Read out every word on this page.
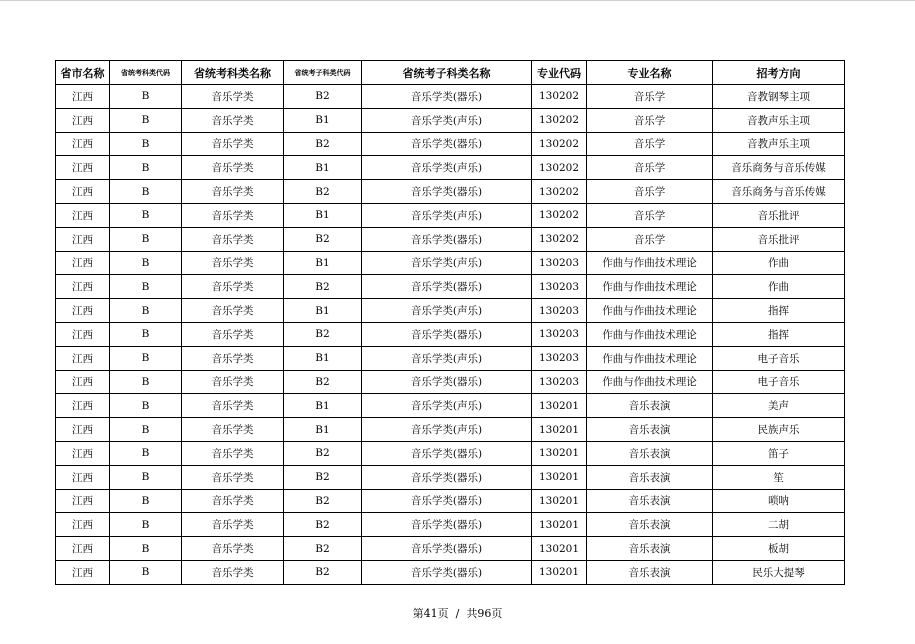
省市名称	省统考科类代码	省统考科类名称	省统考子科类代码	省统考子科类名称	专业代码	专业名称	招考方向
江西	B	音乐学类	B2	音乐学类(器乐)	130202	音乐学	音教钢琴主项
江西	B	音乐学类	B1	音乐学类(声乐)	130202	音乐学	音教声乐主项
江西	B	音乐学类	B2	音乐学类(器乐)	130202	音乐学	音教声乐主项
江西	B	音乐学类	B1	音乐学类(声乐)	130202	音乐学	音乐商务与音乐传媒
江西	B	音乐学类	B2	音乐学类(器乐)	130202	音乐学	音乐商务与音乐传媒
江西	B	音乐学类	B1	音乐学类(声乐)	130202	音乐学	音乐批评
江西	B	音乐学类	B2	音乐学类(器乐)	130202	音乐学	音乐批评
江西	B	音乐学类	B1	音乐学类(声乐)	130203	作曲与作曲技术理论	作曲
江西	B	音乐学类	B2	音乐学类(器乐)	130203	作曲与作曲技术理论	作曲
江西	B	音乐学类	B1	音乐学类(声乐)	130203	作曲与作曲技术理论	指挥
江西	B	音乐学类	B2	音乐学类(器乐)	130203	作曲与作曲技术理论	指挥
江西	B	音乐学类	B1	音乐学类(声乐)	130203	作曲与作曲技术理论	电子音乐
江西	B	音乐学类	B2	音乐学类(器乐)	130203	作曲与作曲技术理论	电子音乐
江西	B	音乐学类	B1	音乐学类(声乐)	130201	音乐表演	美声
江西	B	音乐学类	B1	音乐学类(声乐)	130201	音乐表演	民族声乐
江西	B	音乐学类	B2	音乐学类(器乐)	130201	音乐表演	笛子
江西	B	音乐学类	B2	音乐学类(器乐)	130201	音乐表演	笙
江西	B	音乐学类	B2	音乐学类(器乐)	130201	音乐表演	唢呐
江西	B	音乐学类	B2	音乐学类(器乐)	130201	音乐表演	二胡
江西	B	音乐学类	B2	音乐学类(器乐)	130201	音乐表演	板胡
江西	B	音乐学类	B2	音乐学类(器乐)	130201	音乐表演	民乐大提琴
第41页 / 共96页
